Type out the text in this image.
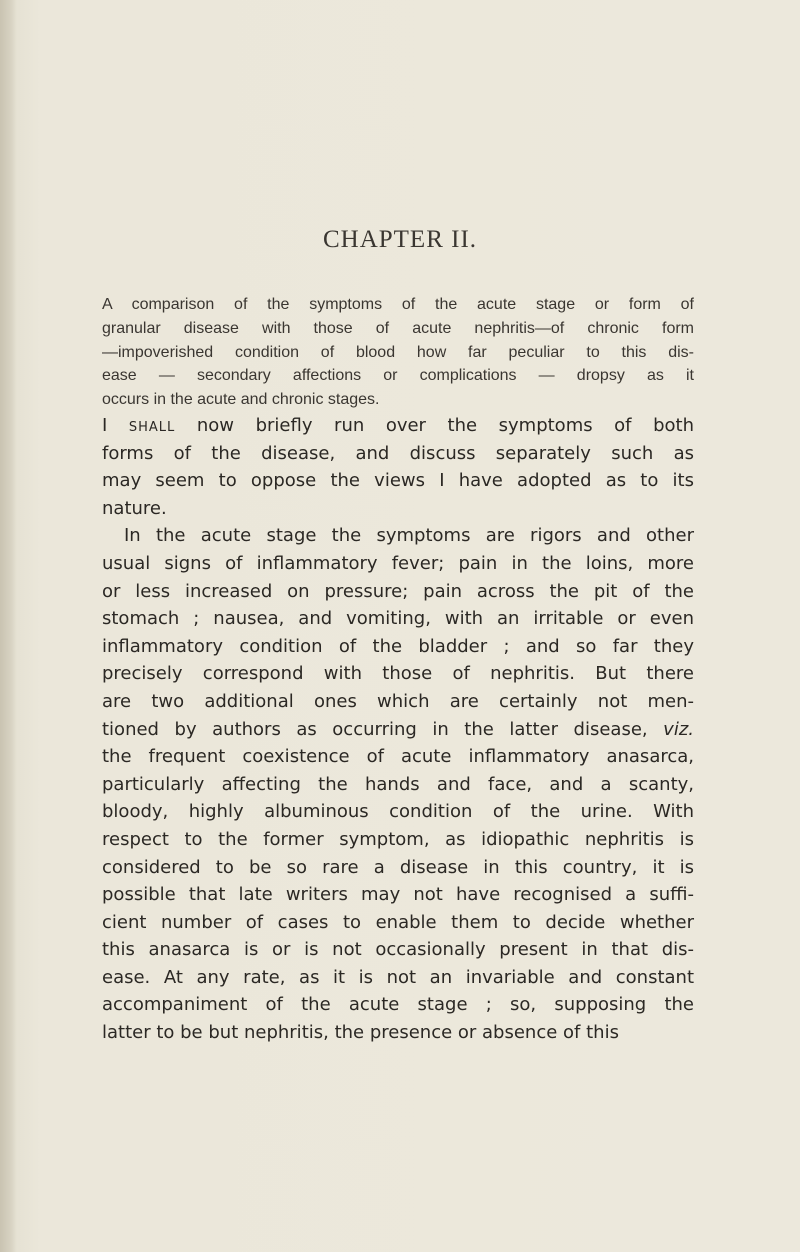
CHAPTER II.
A comparison of the symptoms of the acute stage or form of
granular disease with those of acute nephritis—of chronic form
—impoverished condition of blood how far peculiar to this dis-
ease — secondary affections or complications — dropsy as it
occurs in the acute and chronic stages.
I shall now briefly run over the symptoms of both
forms of the disease, and discuss separately such as
may seem to oppose the views I have adopted as to its
nature.
In the acute stage the symptoms are rigors and other
usual signs of inflammatory fever; pain in the loins, more
or less increased on pressure; pain across the pit of the
stomach ; nausea, and vomiting, with an irritable or even
inflammatory condition of the bladder ; and so far they
precisely correspond with those of nephritis. But there
are two additional ones which are certainly not men-
tioned by authors as occurring in the latter disease, viz.
the frequent coexistence of acute inflammatory anasarca,
particularly affecting the hands and face, and a scanty,
bloody, highly albuminous condition of the urine. With
respect to the former symptom, as idiopathic nephritis is
considered to be so rare a disease in this country, it is
possible that late writers may not have recognised a suffi-
cient number of cases to enable them to decide whether
this anasarca is or is not occasionally present in that dis-
ease. At any rate, as it is not an invariable and constant
accompaniment of the acute stage ; so, supposing the
latter to be but nephritis, the presence or absence of this
